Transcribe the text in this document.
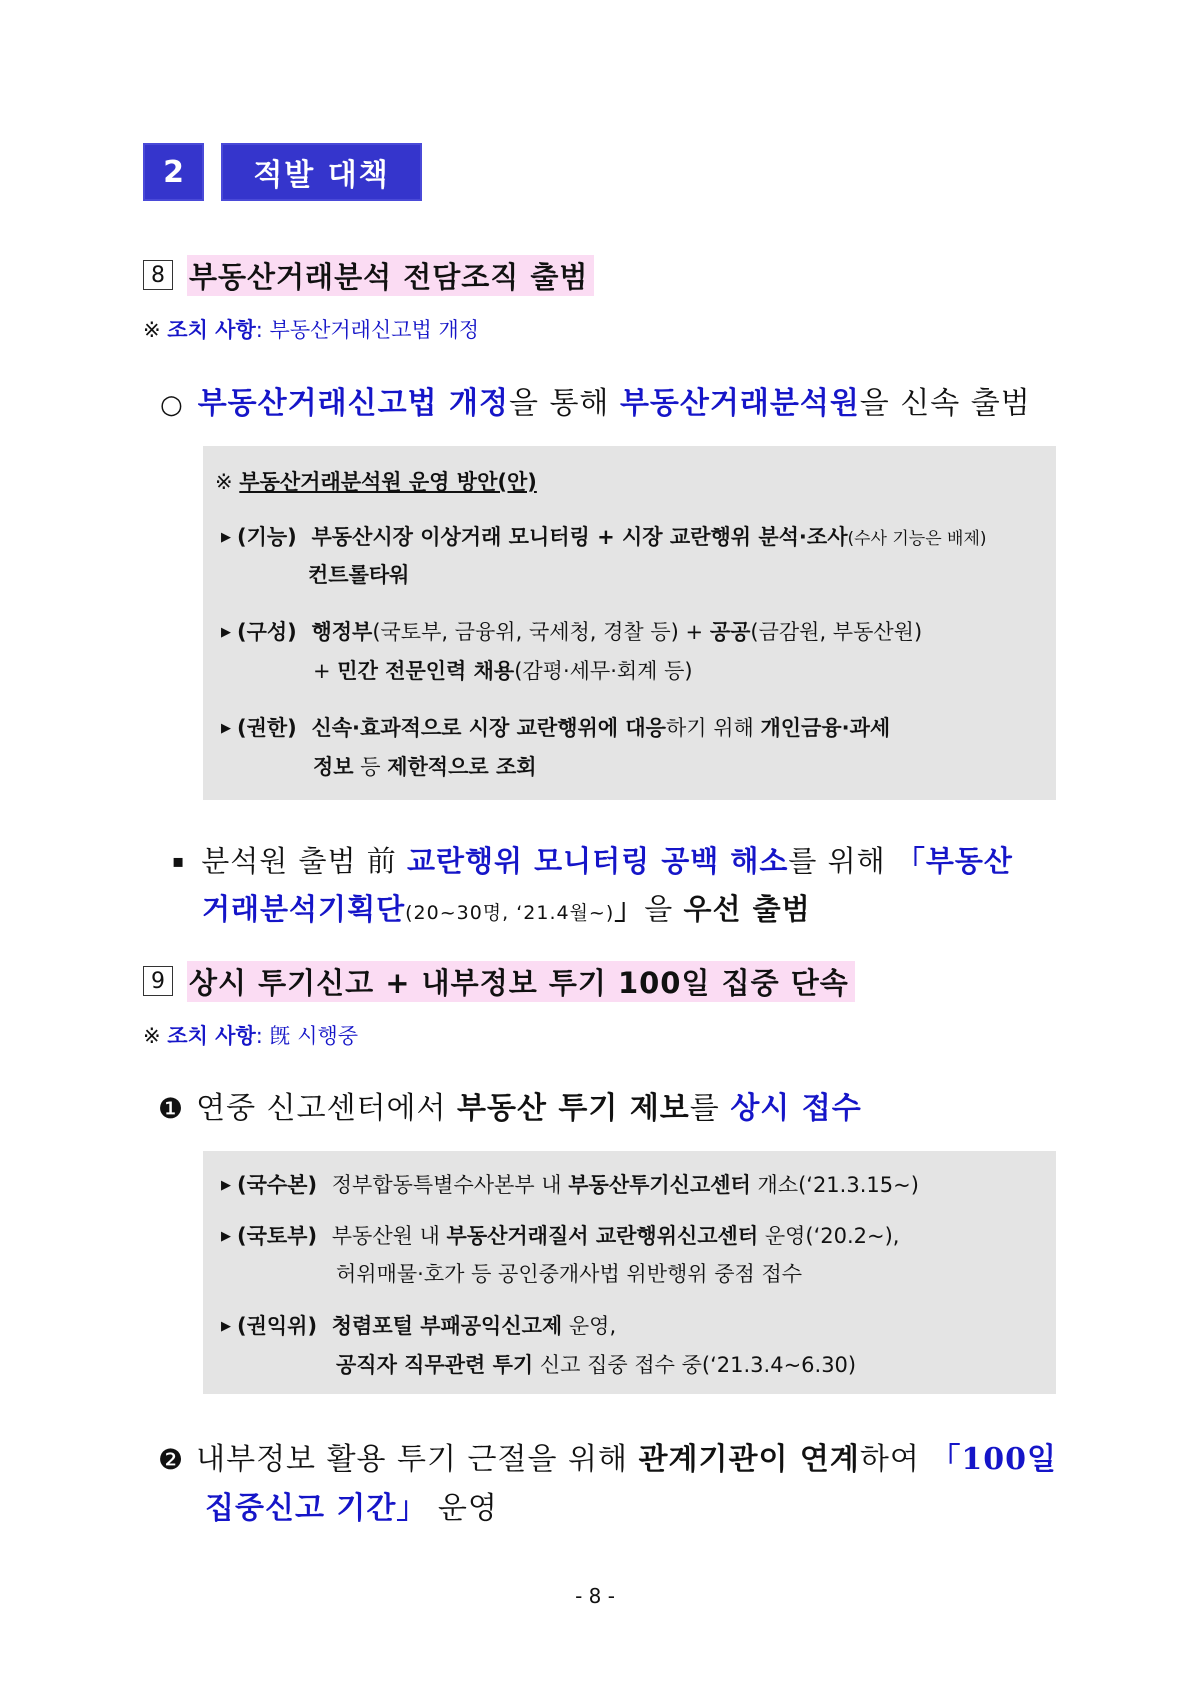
2	적발 대책
8 부동산거래분석 전담조직 출범
※ 조치 사항: 부동산거래신고법 개정
○ 부동산거래신고법 개정을 통해 부동산거래분석원을 신속 출범
※ 부동산거래분석원 운영 방안(안)
▶ (기능) 부동산시장 이상거래 모니터링 + 시장 교란행위 분석·조사(수사 기능은 배제)
컨트롤타워
▶ (구성) 행정부(국토부, 금융위, 국세청, 경찰 등) + 공공(금감원, 부동산원)
+ 민간 전문인력 채용(감평·세무·회계 등)
▶ (권한) 신속·효과적으로 시장 교란행위에 대응하기 위해 개인금융·과세
정보 등 제한적으로 조회
▪ 분석원 출범 前 교란행위 모니터링 공백 해소를 위해 「부동산
거래분석기획단(20~30명, ‘21.4월~)」을 우선 출범
9 상시 투기신고 + 내부정보 투기 100일 집중 단속
※ 조치 사항: 旣 시행중
❶ 연중 신고센터에서 부동산 투기 제보를 상시 접수
▶ (국수본) 정부합동특별수사본부 내 부동산투기신고센터 개소(‘21.3.15~)
▶ (국토부) 부동산원 내 부동산거래질서 교란행위신고센터 운영(‘20.2~),
허위매물·호가 등 공인중개사법 위반행위 중점 접수
▶ (권익위) 청렴포털 부패공익신고제 운영,
공직자 직무관련 투기 신고 집중 접수 중(‘21.3.4~6.30)
❷ 내부정보 활용 투기 근절을 위해 관계기관이 연계하여 「100일
집중신고 기간」 운영
- 8 -
